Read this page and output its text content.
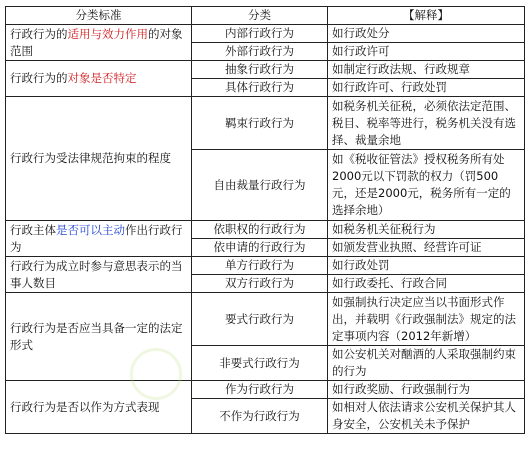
分类标准	分类	【解释】
行政行为的适用与效力作用的对象范围	内部行政行为	如行政处分
	外部行政行为	如行政许可
行政行为的对象是否特定	抽象行政行为	如制定行政法规、行政规章
	具体行政行为	如行政许可、行政处罚
行政行为受法律规范拘束的程度	羁束行政行为	如税务机关征税，必须依法定范围、税目、税率等进行，税务机关没有选择、裁量余地
	自由裁量行政行为	如《税收征管法》授权税务所有处2000元以下罚款的权力（罚500元，还是2000元，税务所有一定的选择余地）
行政主体是否可以主动作出行政行为	依职权的行政行为	如税务机关征税行为
	依申请的行政行为	如颁发营业执照、经营许可证
行政行为成立时参与意思表示的当事人数目	单方行政行为	如行政处罚
	双方行政行为	如行政委托、行政合同
行政行为是否应当具备一定的法定形式	要式行政行为	如强制执行决定应当以书面形式作出，并载明《行政强制法》规定的法定事项内容（2012年新增）
	非要式行政行为	如公安机关对酗酒的人采取强制约束的行为
行政行为是否以作为方式表现	作为行政行为	如行政奖励、行政强制行为
	不作为行政行为	如相对人依法请求公安机关保护其人身安全，公安机关未予保护
